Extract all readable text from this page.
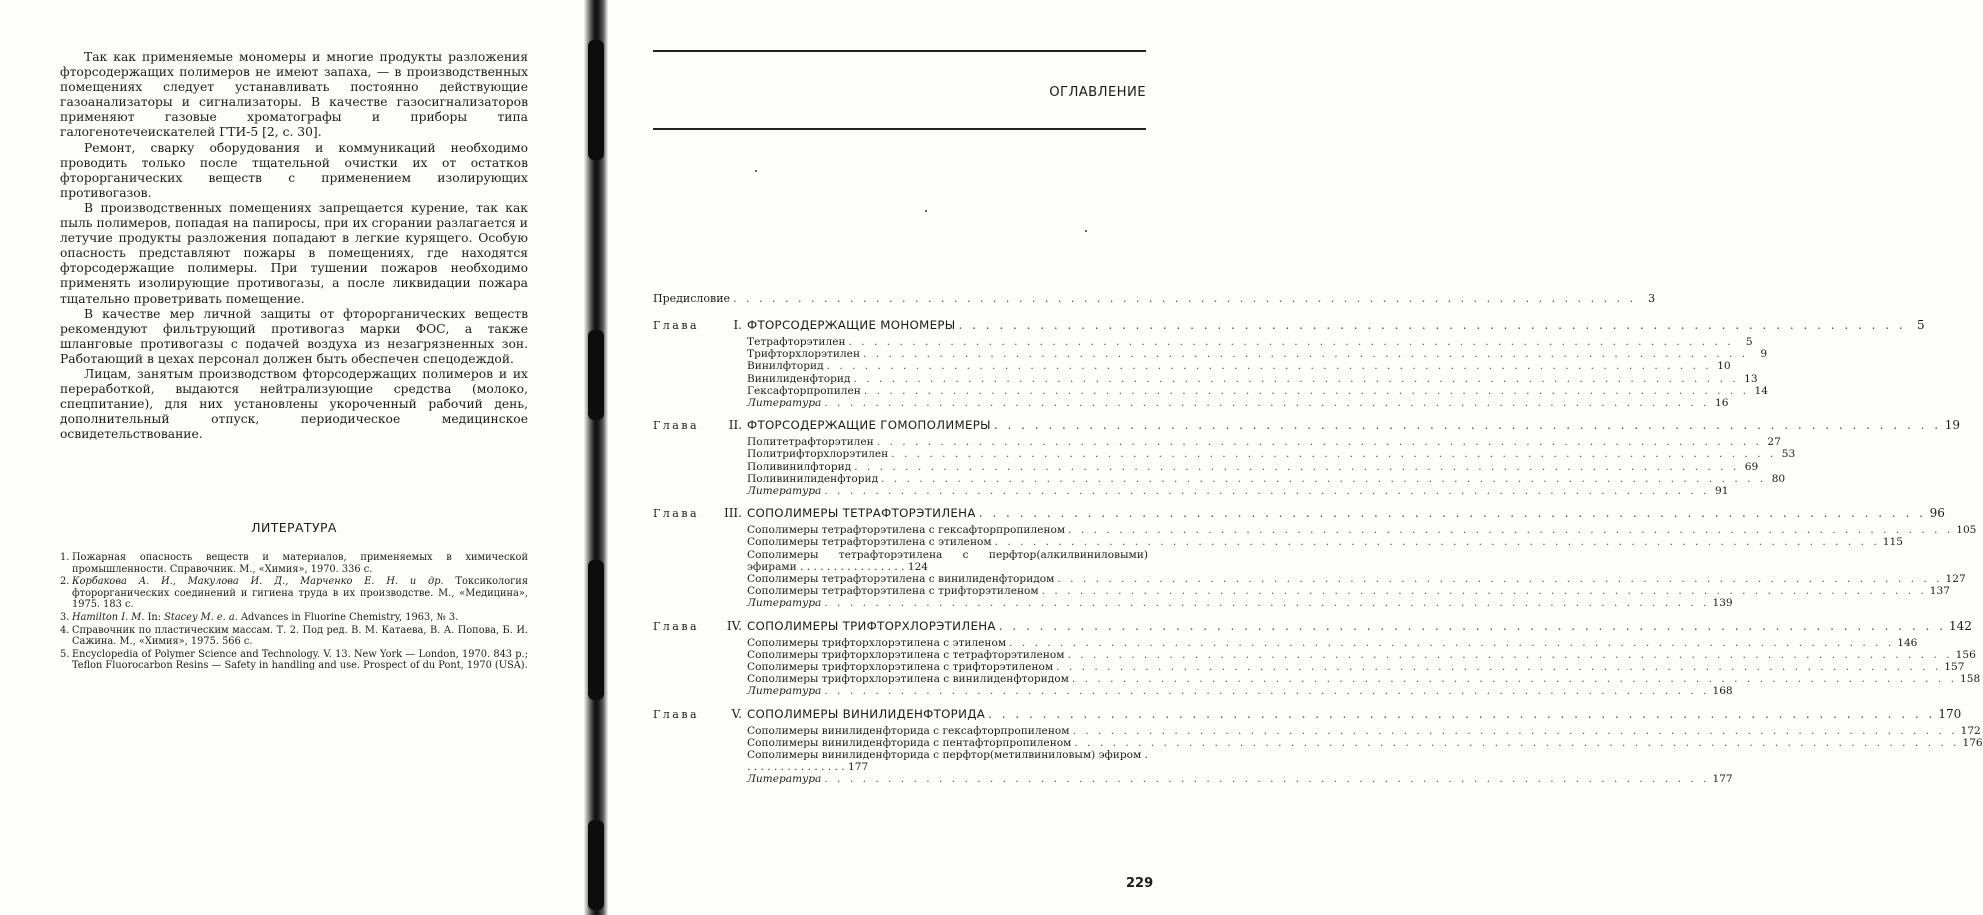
Так как применяемые мономеры и многие продукты разложения фторсодержащих полимеров не имеют запаха, — в производственных помещениях следует устанавливать постоянно действующие газоанализаторы и сигнализаторы. В качестве газосигнализаторов применяют газовые хроматографы и приборы типа галогенотечеискателей ГТИ-5 [2, с. 30].

Ремонт, сварку оборудования и коммуникаций необходимо проводить только после тщательной очистки их от остатков фторорганических веществ с применением изолирующих противогазов.

В производственных помещениях запрещается курение, так как пыль полимеров, попадая на папиросы, при их сгорании разлагается и летучие продукты разложения попадают в легкие курящего. Особую опасность представляют пожары в помещениях, где находятся фторсодержащие полимеры. При тушении пожаров необходимо применять изолирующие противогазы, а после ликвидации пожара тщательно проветривать помещение.

В качестве мер личной защиты от фторорганических веществ рекомендуют фильтрующий противогаз марки ФОС, а также шланговые противогазы с подачей воздуха из незагрязненных зон. Работающий в цехах персонал должен быть обеспечен спецодеждой.

Лицам, занятым производством фторсодержащих полимеров и их переработкой, выдаются нейтрализующие средства (молоко, спецпитание), для них установлены укороченный рабочий день, дополнительный отпуск, периодическое медицинское освидетельствование.

ЛИТЕРАТУРА
1. Пожарная опасность веществ и материалов, применяемых в химической промышленности. Справочник. М., «Химия», 1970. 336 с.
2. Корбакова А. И., Макулова И. Д., Марченко Е. Н. и др. Токсикология фторорганических соединений и гигиена труда в их производстве. М., «Медицина», 1975. 183 с.
3. Hamilton I. M. In: Stacey M. e. a. Advances in Fluorine Chemistry, 1963, № 3.
4. Справочник по пластическим массам. Т. 2. Под ред. В. М. Катаева, В. А. Попова, Б. И. Сажина. М., «Химия», 1975. 566 с.
5. Encyclopedia of Polymer Science and Technology. V. 13. New York — London, 1970. 843 p.; Teflon Fluorocarbon Resins — Safety in handling and use. Prospect of du Pont, 1970 (USA).
ОГЛАВЛЕНИЕ
Предисловие . . .	3
Глава	I. ФТОРСОДЕРЖАЩИЕ МОНОМЕРЫ . . .	5
Тетрафторэтилен . . .	5
Трифторхлорэтилен . . .	9
Винилфторид . . .	10
Винилиденфторид . . .	13
Гексафторпропилен . . .	14
Литература . . .	16
Глава	II. ФТОРСОДЕРЖАЩИЕ ГОМОПОЛИМЕРЫ . . .	19
Политетрафторэтилен . . .	27
Политрифторхлорэтилен . . .	53
Поливинилфторид . . .	69
Поливинилиденфторид . . .	80
Литература . . .	91
Глава	III. СОПОЛИМЕРЫ ТЕТРАФТОРЭТИЛЕНА . . .	96
Сополимеры тетрафторэтилена с гексафторпропиленом . . .	105
Сополимеры тетрафторэтилена с этиленом . . .	115
Сополимеры тетрафторэтилена с перфтор(алкилвиниловыми) эфирами . . . . . . . . . . . . . . . . 124
Сополимеры тетрафторэтилена с винилиденфторидом . . .	127
Сополимеры тетрафторэтилена с трифторэтиленом . . .	137
Литература . . .	139
Глава	IV. СОПОЛИМЕРЫ ТРИФТОРХЛОРЭТИЛЕНА . . .	142
Сополимеры трифторхлорэтилена с этиленом . . .	146
Сополимеры трифторхлорэтилена с тетрафторэтиленом . . .	156
Сополимеры трифторхлорэтилена с трифторэтиленом . . .	157
Сополимеры трифторхлорэтилена с винилиденфторидом . . .	158
Литература . . .	168
Глава	V. СОПОЛИМЕРЫ ВИНИЛИДЕНФТОРИДА . . .	170
Сополимеры винилиденфторида с гексафторпропиленом . . .	172
Сополимеры винилиденфторида с пентафторпропиленом . . .	176
Сополимеры винилиденфторида с перфтор(метилвиниловым) эфиром . . . . . . . . . . . . . . . . 177
Литература . . .	177
229
